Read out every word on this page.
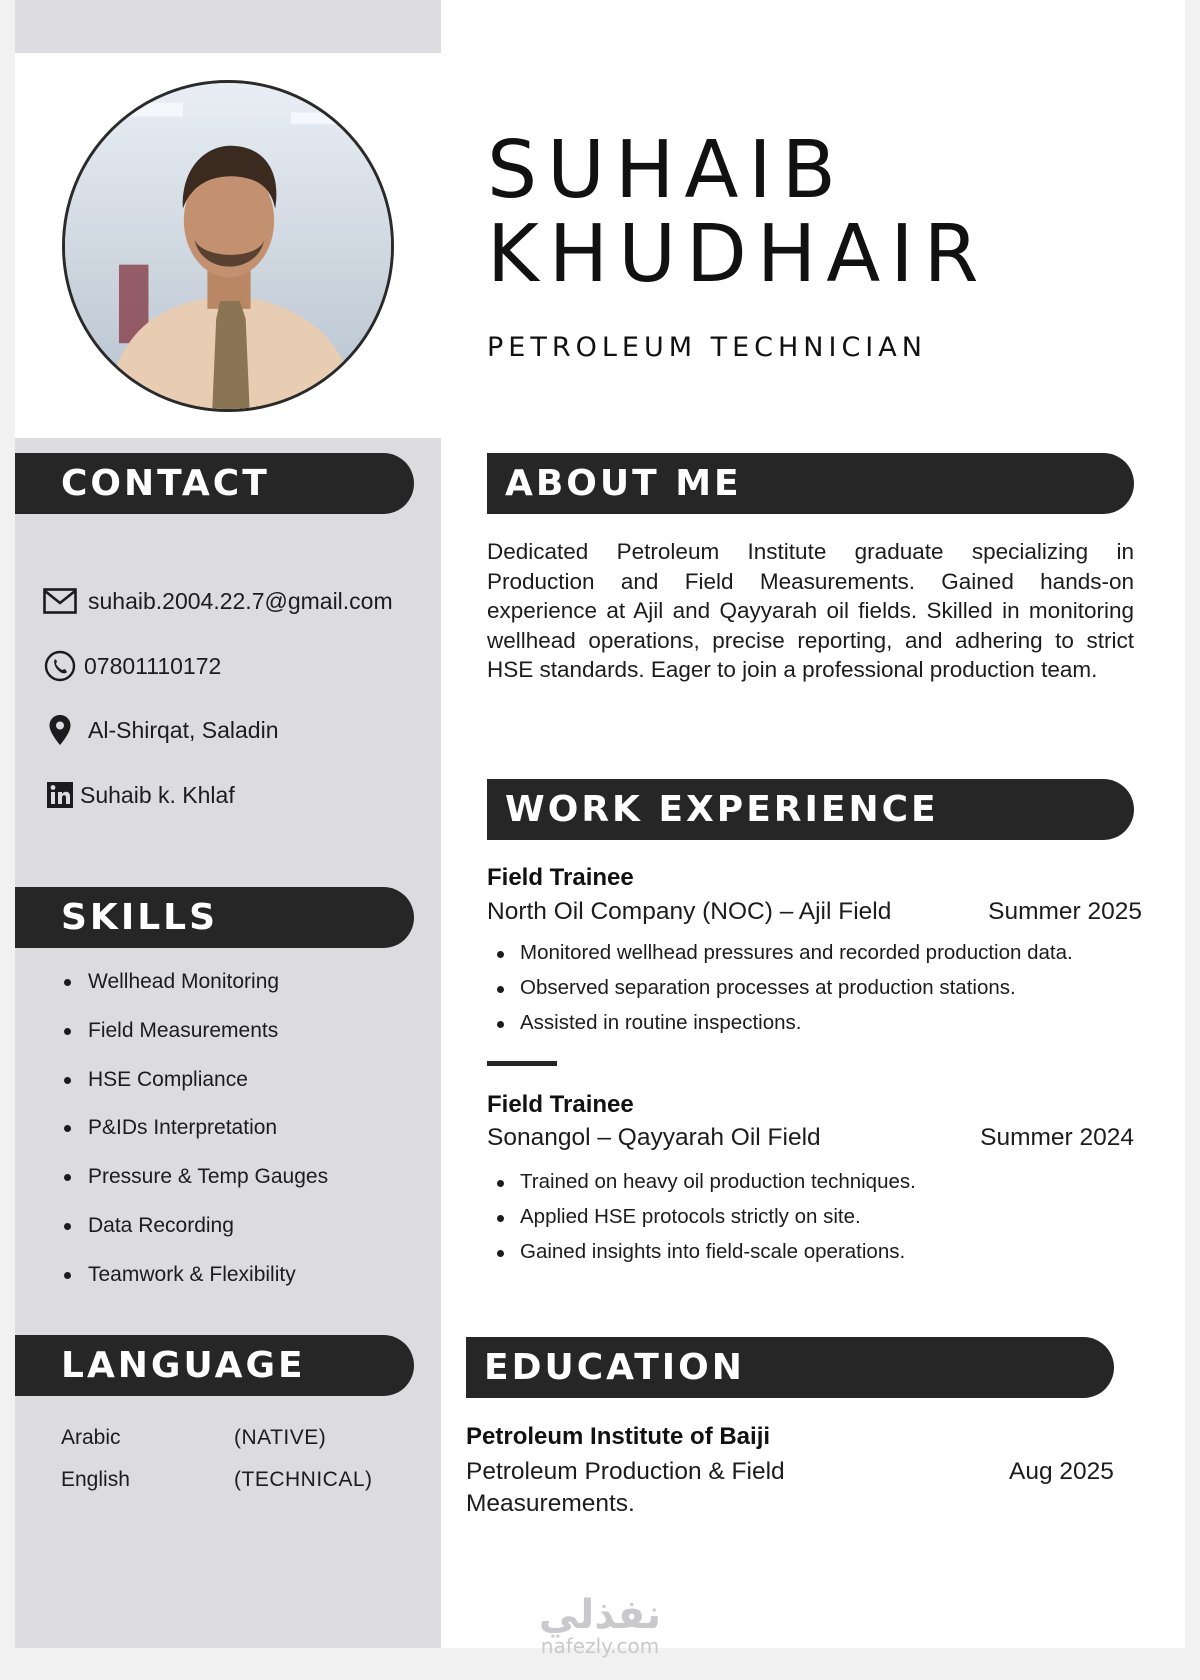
SUHAIB
KHUDHAIR
PETROLEUM TECHNICIAN
CONTACT
suhaib.2004.22.7@gmail.com
07801110172
Al-Shirqat, Saladin
Suhaib k. Khlaf
SKILLS
Wellhead Monitoring
Field Measurements
HSE Compliance
P&IDs Interpretation
Pressure & Temp Gauges
Data Recording
Teamwork & Flexibility
LANGUAGE
Arabic	(NATIVE)
English	(TECHNICAL)
ABOUT ME

Dedicated Petroleum Institute graduate specializing in Production and Field Measurements. Gained hands-on experience at Ajil and Qayyarah oil fields. Skilled in monitoring wellhead operations, precise reporting, and adhering to strict HSE standards. Eager to join a professional production team.

WORK EXPERIENCE
Field Trainee
North Oil Company (NOC) – Ajil Field	Summer 2025
Monitored wellhead pressures and recorded production data.
Observed separation processes at production stations.
Assisted in routine inspections.
Field Trainee
Sonangol – Qayyarah Oil Field	Summer 2024
Trained on heavy oil production techniques.
Applied HSE protocols strictly on site.
Gained insights into field-scale operations.
EDUCATION
Petroleum Institute of Baiji
Petroleum Production & Field Measurements.
Aug 2025
نفذلي
nafezly.com
